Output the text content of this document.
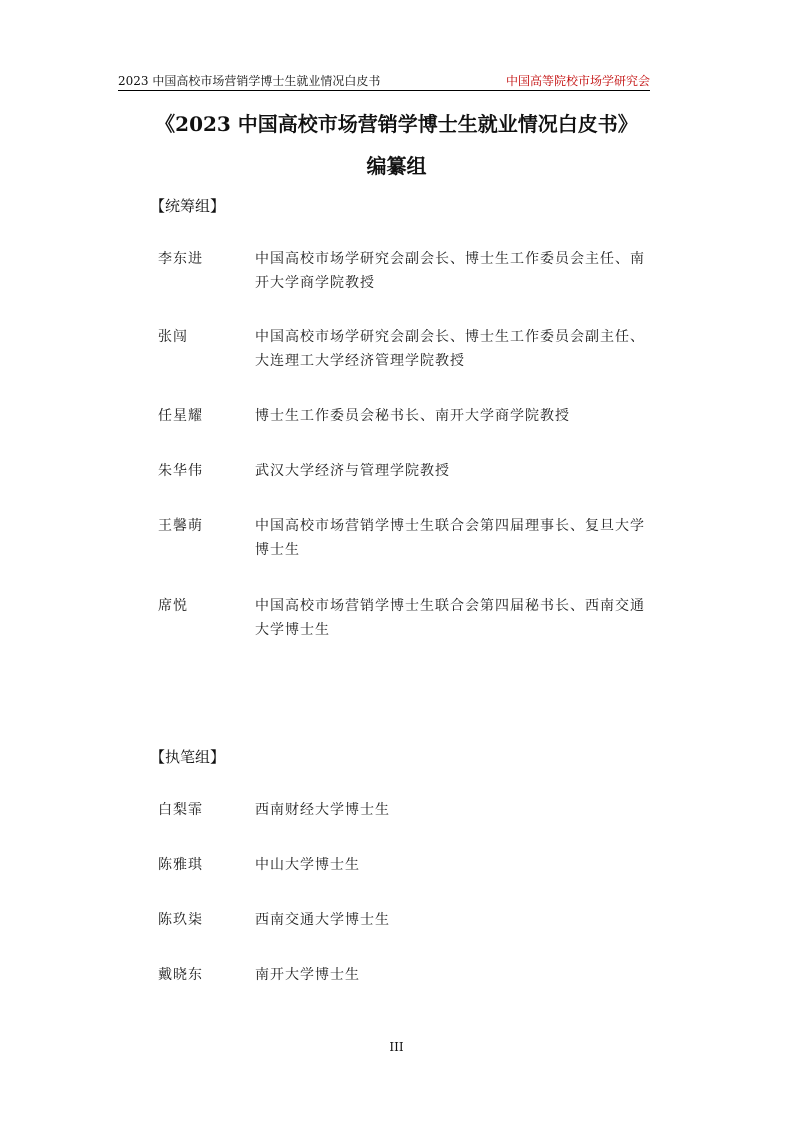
2023 中国高校市场营销学博士生就业情况白皮书	中国高等院校市场学研究会
《2023 中国高校市场营销学博士生就业情况白皮书》
编纂组
【统筹组】
李东进	中国高校市场学研究会副会长、博士生工作委员会主任、南开大学商学院教授
张闯	中国高校市场学研究会副会长、博士生工作委员会副主任、大连理工大学经济管理学院教授
任星耀	博士生工作委员会秘书长、南开大学商学院教授
朱华伟	武汉大学经济与管理学院教授
王馨萌	中国高校市场营销学博士生联合会第四届理事长、复旦大学博士生
席悦	中国高校市场营销学博士生联合会第四届秘书长、西南交通大学博士生
【执笔组】
白梨霏	西南财经大学博士生
陈雅琪	中山大学博士生
陈玖柒	西南交通大学博士生
戴晓东	南开大学博士生
III
